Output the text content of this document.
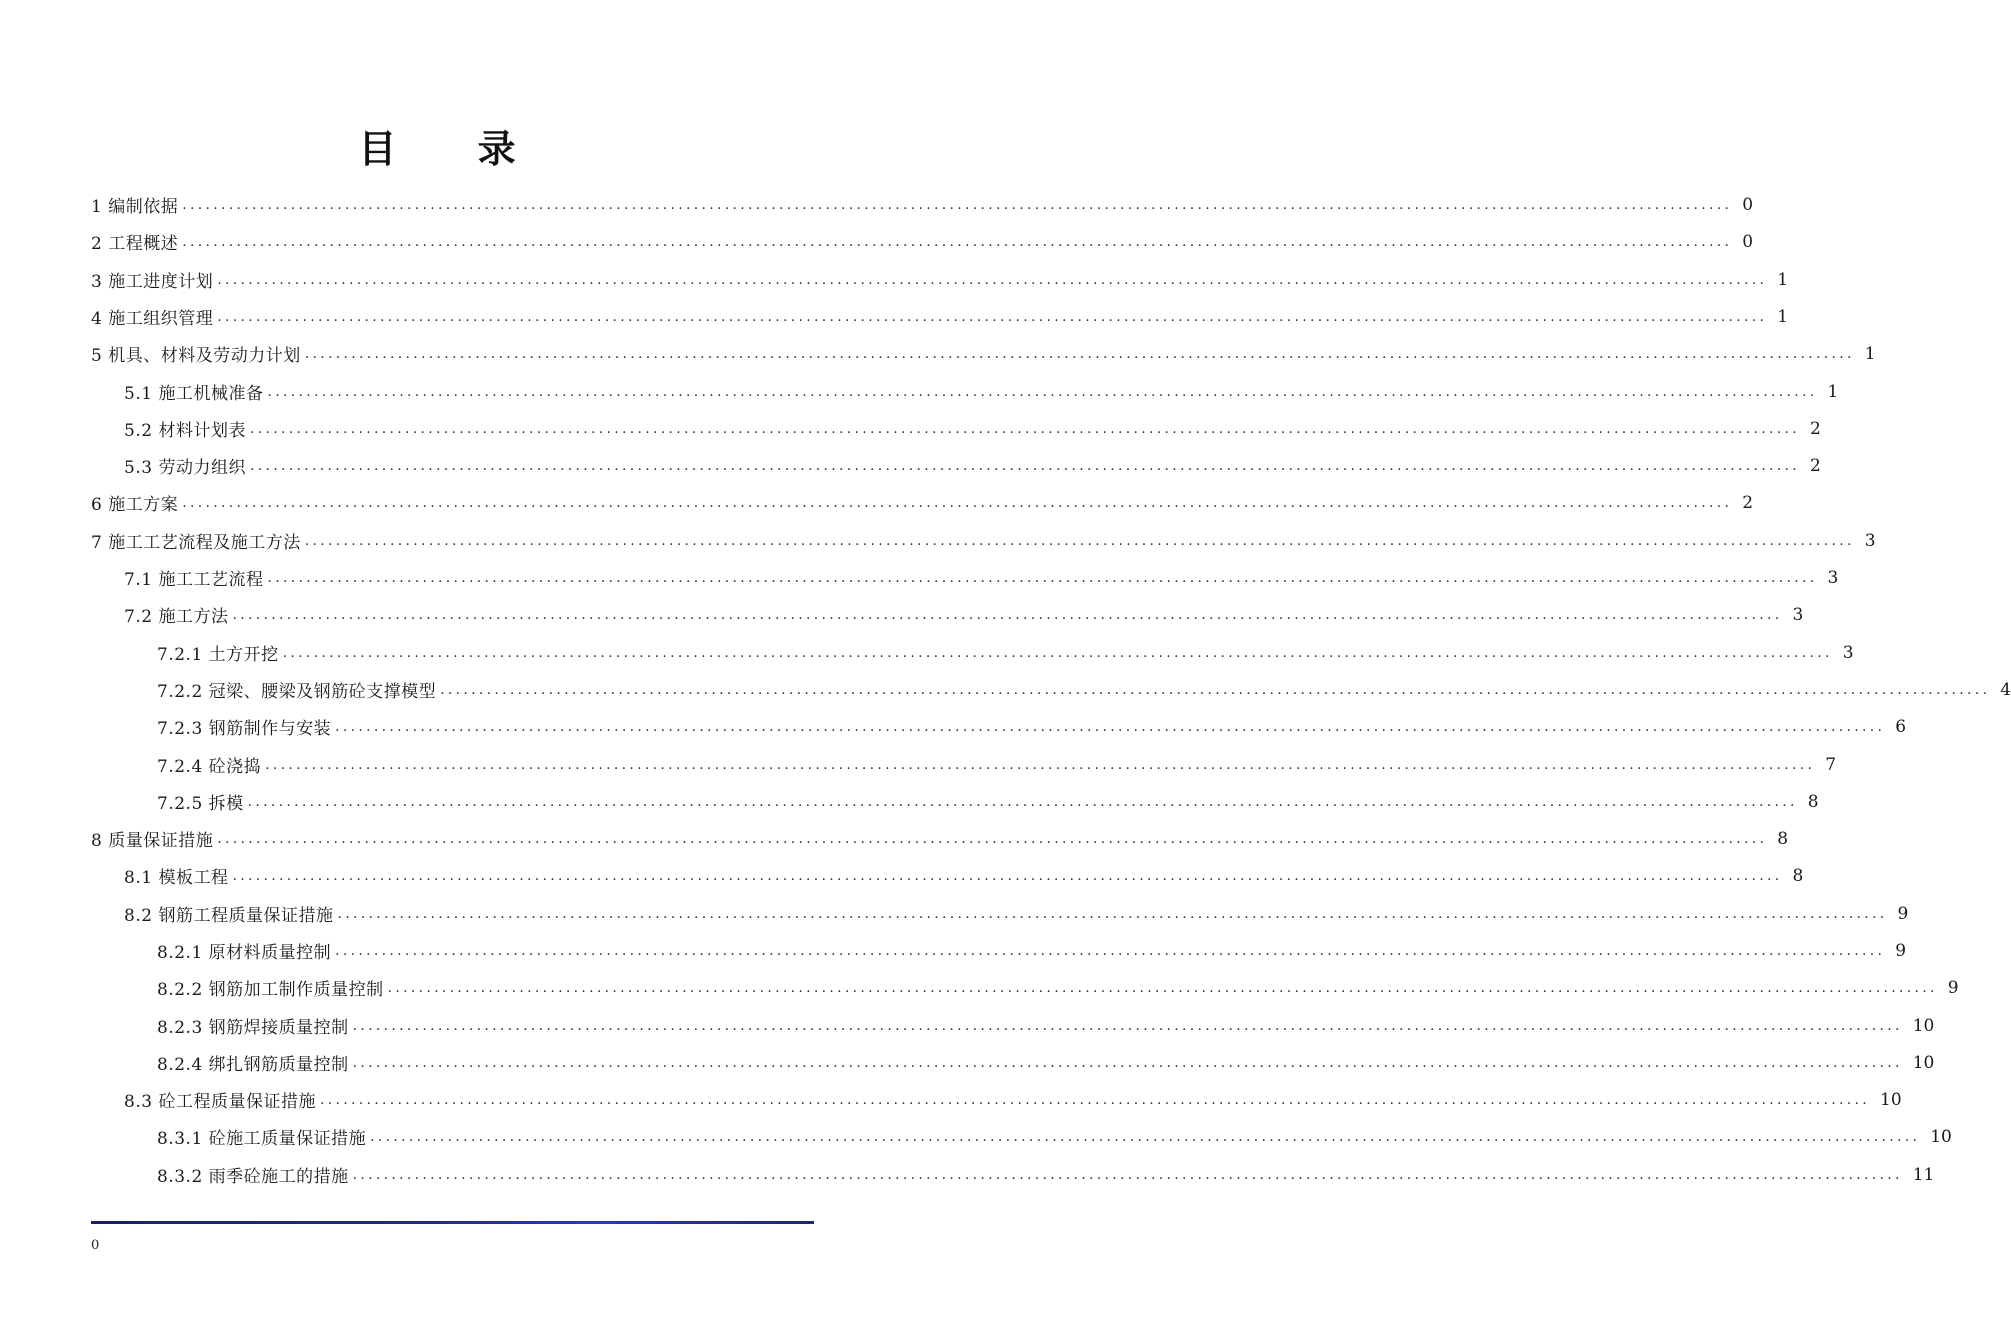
目 录
1 编制依据 ........................................................................................................................................................................................................ 0
2 工程概述 ........................................................................................................................................................................................................ 0
3 施工进度计划 ........................................................................................................................................................................................................ 1
4 施工组织管理 ........................................................................................................................................................................................................ 1
5 机具、材料及劳动力计划 ........................................................................................................................................................................................................ 1
5.1 施工机械准备 ........................................................................................................................................................................................................ 1
5.2 材料计划表 ........................................................................................................................................................................................................ 2
5.3 劳动力组织 ........................................................................................................................................................................................................ 2
6 施工方案 ........................................................................................................................................................................................................ 2
7 施工工艺流程及施工方法 ........................................................................................................................................................................................................ 3
7.1 施工工艺流程 ........................................................................................................................................................................................................ 3
7.2 施工方法 ........................................................................................................................................................................................................ 3
7.2.1 土方开挖 ........................................................................................................................................................................................................ 3
7.2.2 冠梁、腰梁及钢筋砼支撑模型 ........................................................................................................................................................................................................ 4
7.2.3 钢筋制作与安装 ........................................................................................................................................................................................................ 6
7.2.4 砼浇捣 ........................................................................................................................................................................................................ 7
7.2.5 拆模 ........................................................................................................................................................................................................ 8
8 质量保证措施 ........................................................................................................................................................................................................ 8
8.1 模板工程 ........................................................................................................................................................................................................ 8
8.2 钢筋工程质量保证措施 ........................................................................................................................................................................................................ 9
8.2.1 原材料质量控制 ........................................................................................................................................................................................................ 9
8.2.2 钢筋加工制作质量控制 ........................................................................................................................................................................................................ 9
8.2.3 钢筋焊接质量控制 ........................................................................................................................................................................................................ 10
8.2.4 绑扎钢筋质量控制 ........................................................................................................................................................................................................ 10
8.3 砼工程质量保证措施 ........................................................................................................................................................................................................ 10
8.3.1 砼施工质量保证措施 ........................................................................................................................................................................................................ 10
8.3.2 雨季砼施工的措施 ........................................................................................................................................................................................................ 11
0
